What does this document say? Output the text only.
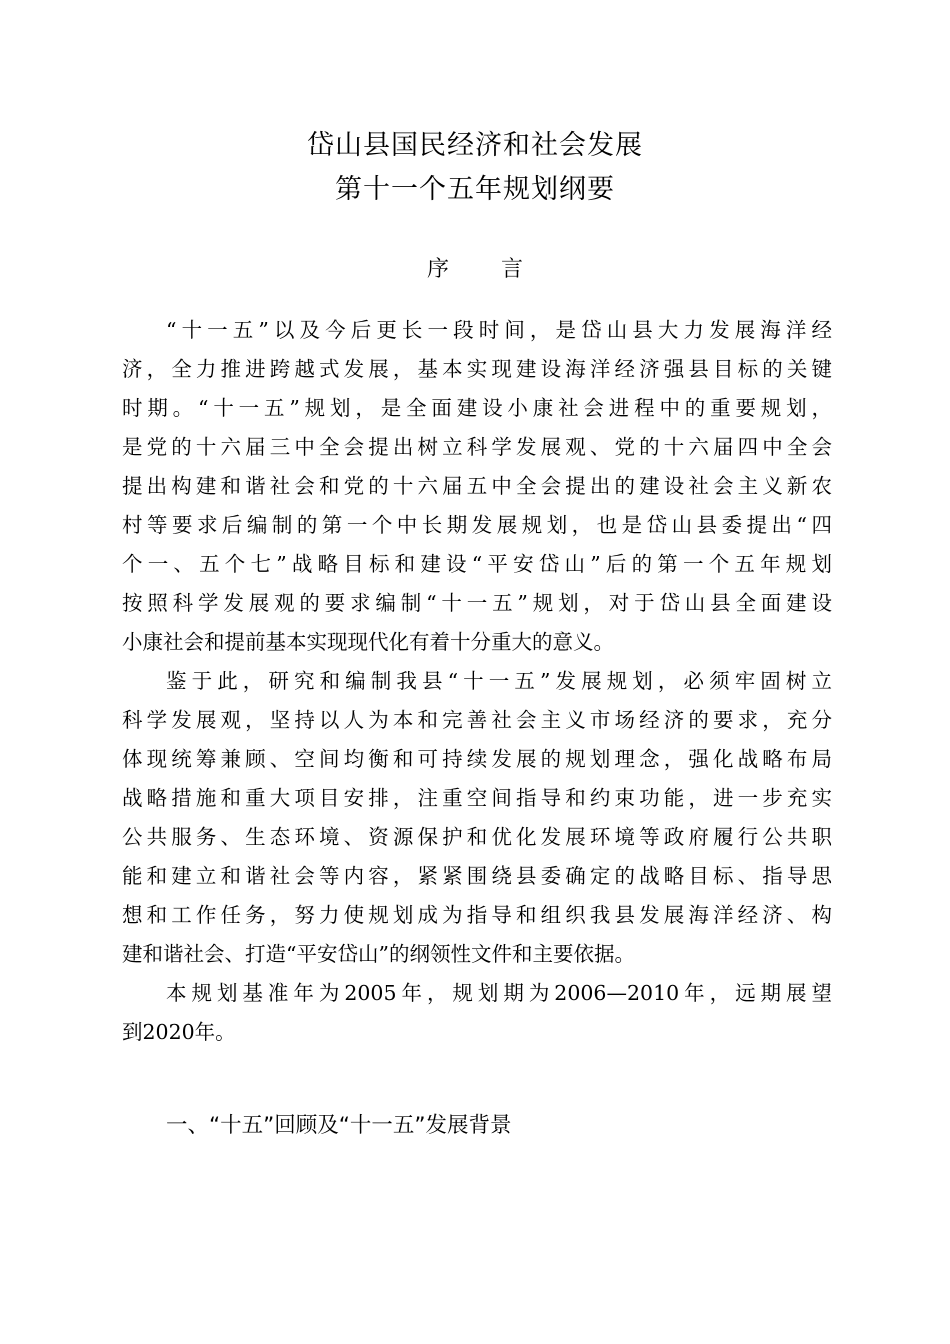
岱山县国民经济和社会发展
第十一个五年规划纲要
序 言
“十一五”以及今后更长一段时间，是岱山县大力发展海洋经
济，全力推进跨越式发展，基本实现建设海洋经济强县目标的关键
时期。“十一五”规划，是全面建设小康社会进程中的重要规划，
是党的十六届三中全会提出树立科学发展观、党的十六届四中全会
提出构建和谐社会和党的十六届五中全会提出的建设社会主义新农
村等要求后编制的第一个中长期发展规划，也是岱山县委提出“四
个一、五个七”战略目标和建设“平安岱山”后的第一个五年规划
按照科学发展观的要求编制“十一五”规划，对于岱山县全面建设
小康社会和提前基本实现现代化有着十分重大的意义。
鉴于此，研究和编制我县“十一五”发展规划，必须牢固树立
科学发展观，坚持以人为本和完善社会主义市场经济的要求，充分
体现统筹兼顾、空间均衡和可持续发展的规划理念，强化战略布局
战略措施和重大项目安排，注重空间指导和约束功能，进一步充实
公共服务、生态环境、资源保护和优化发展环境等政府履行公共职
能和建立和谐社会等内容，紧紧围绕县委确定的战略目标、指导思
想和工作任务，努力使规划成为指导和组织我县发展海洋经济、构
建和谐社会、打造“平安岱山”的纲领性文件和主要依据。
本规划基准年为2005年，规划期为2006—2010年，远期展望
到2020年。
一、“十五”回顾及“十一五”发展背景
